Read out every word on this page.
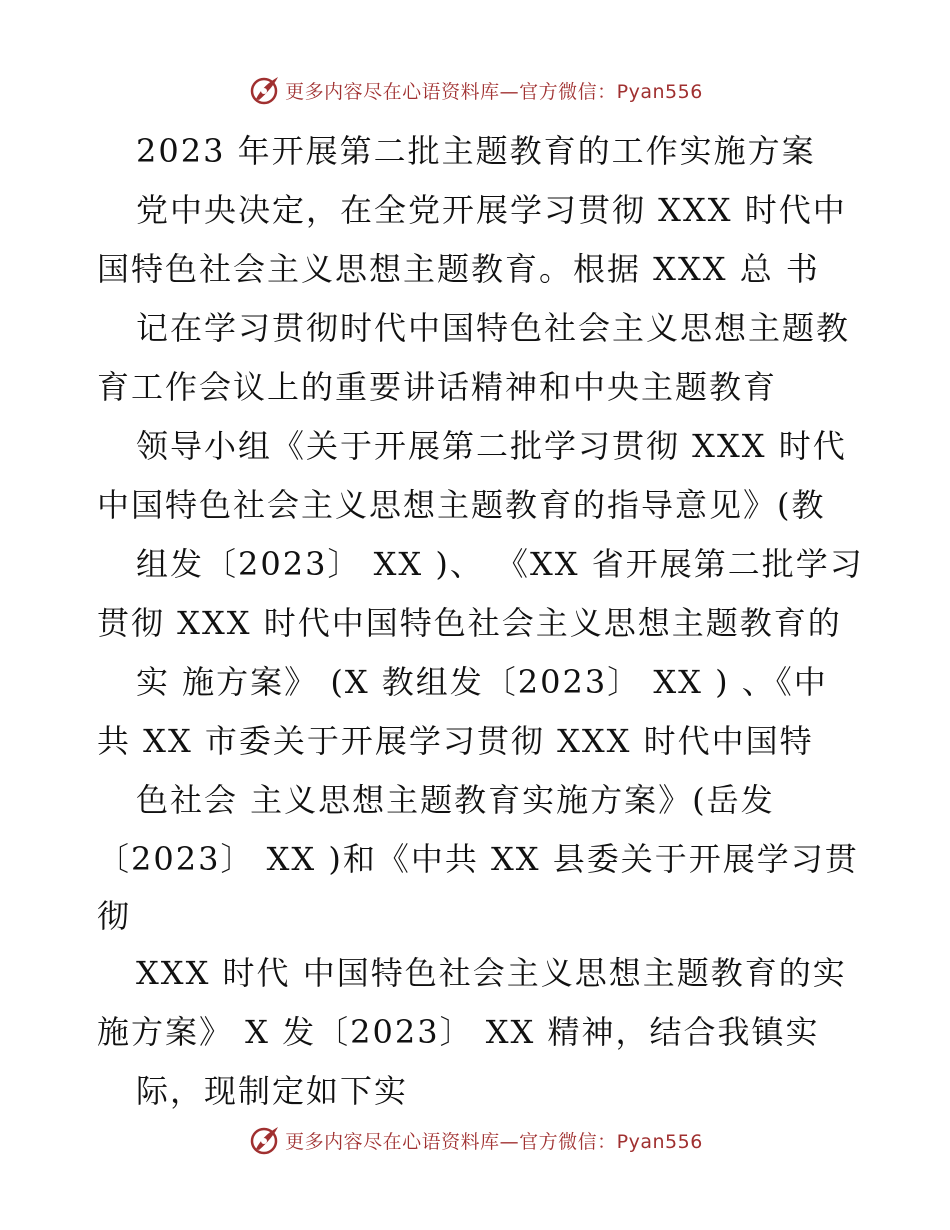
更多内容尽在心语资料库—官方微信：Pyan556
2023 年开展第二批主题教育的工作实施方案
党中央决定，在全党开展学习贯彻 XXX 时代中
国特色社会主义思想主题教育。根据 XXX 总 书
记在学习贯彻时代中国特色社会主义思想主题教
育工作会议上的重要讲话精神和中央主题教育
领导小组《关于开展第二批学习贯彻 XXX 时代
中国特色社会主义思想主题教育的指导意见》(教
组发〔2023〕 XX )、 《XX 省开展第二批学习
贯彻 XXX 时代中国特色社会主义思想主题教育的
实 施方案》 (X 教组发〔2023〕 XX ) 、《中
共 XX 市委关于开展学习贯彻 XXX 时代中国特
色社会 主义思想主题教育实施方案》(岳发
〔2023〕 XX )和《中共 XX 县委关于开展学习贯
彻
XXX 时代 中国特色社会主义思想主题教育的实
施方案》 X 发〔2023〕 XX 精神，结合我镇实
际，现制定如下实
更多内容尽在心语资料库—官方微信：Pyan556
